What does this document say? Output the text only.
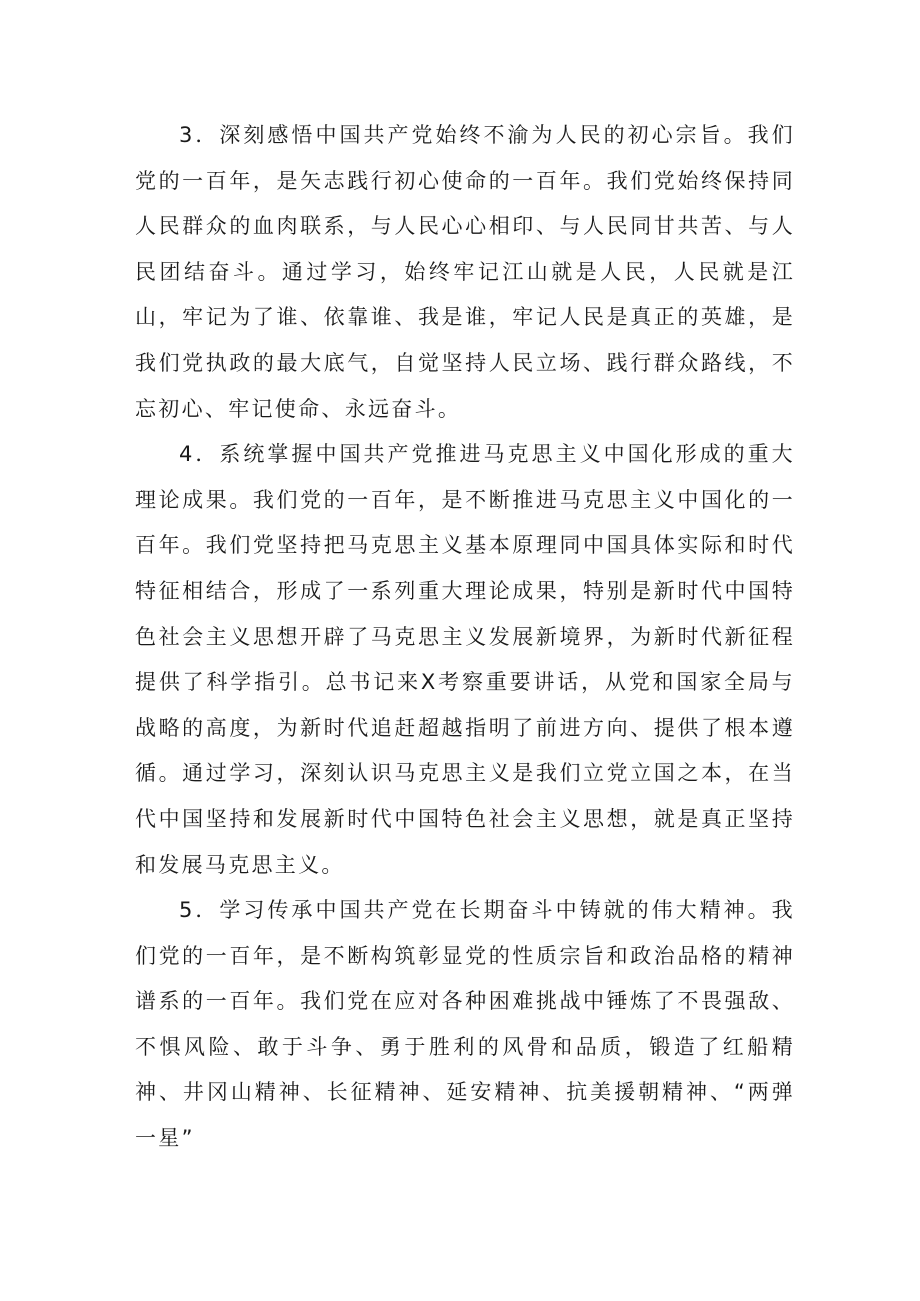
3．深刻感悟中国共产党始终不渝为人民的初心宗旨。我们党的一百年，是矢志践行初心使命的一百年。我们党始终保持同人民群众的血肉联系，与人民心心相印、与人民同甘共苦、与人民团结奋斗。通过学习，始终牢记江山就是人民，人民就是江山，牢记为了谁、依靠谁、我是谁，牢记人民是真正的英雄，是我们党执政的最大底气，自觉坚持人民立场、践行群众路线，不忘初心、牢记使命、永远奋斗。

4．系统掌握中国共产党推进马克思主义中国化形成的重大理论成果。我们党的一百年，是不断推进马克思主义中国化的一百年。我们党坚持把马克思主义基本原理同中国具体实际和时代特征相结合，形成了一系列重大理论成果，特别是新时代中国特色社会主义思想开辟了马克思主义发展新境界，为新时代新征程提供了科学指引。总书记来X考察重要讲话，从党和国家全局与战略的高度，为新时代追赶超越指明了前进方向、提供了根本遵循。通过学习，深刻认识马克思主义是我们立党立国之本，在当代中国坚持和发展新时代中国特色社会主义思想，就是真正坚持和发展马克思主义。

5．学习传承中国共产党在长期奋斗中铸就的伟大精神。我们党的一百年，是不断构筑彰显党的性质宗旨和政治品格的精神谱系的一百年。我们党在应对各种困难挑战中锤炼了不畏强敌、不惧风险、敢于斗争、勇于胜利的风骨和品质，锻造了红船精神、井冈山精神、长征精神、延安精神、抗美援朝精神、“两弹一星”
